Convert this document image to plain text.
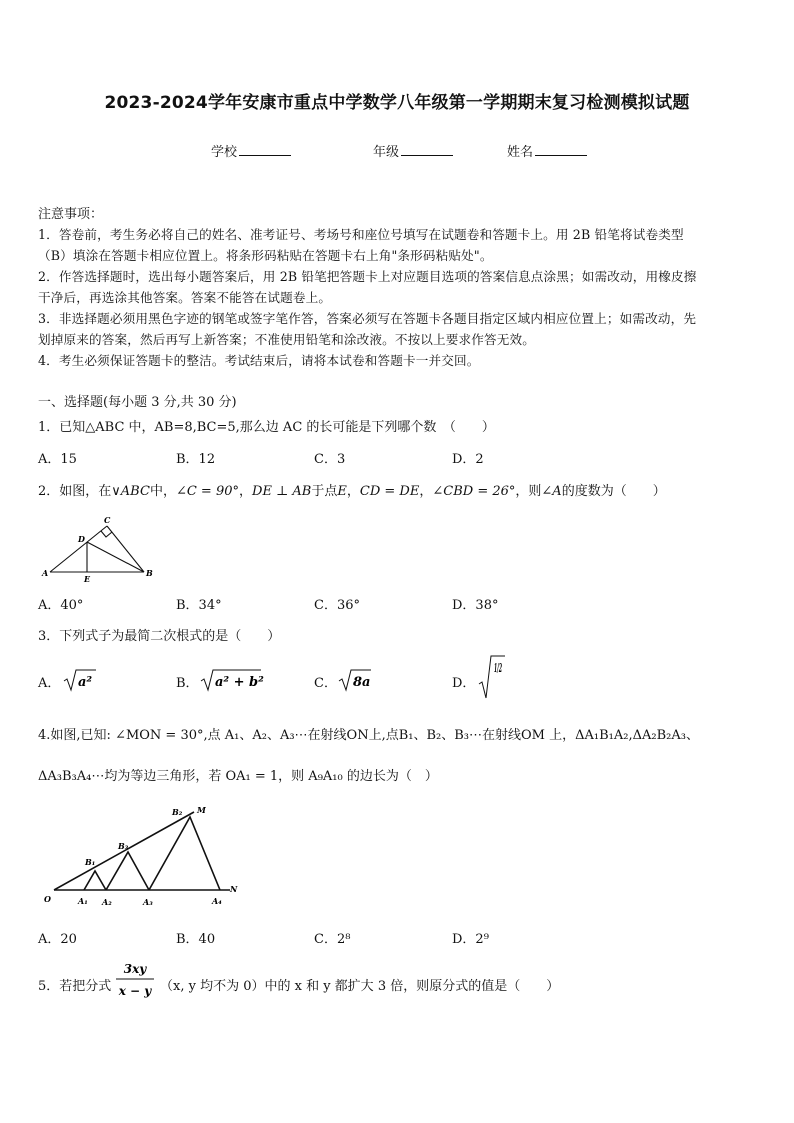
2023-2024学年安康市重点中学数学八年级第一学期期末复习检测模拟试题
学校	年级	姓名
注意事项：
1．答卷前，考生务必将自己的姓名、准考证号、考场号和座位号填写在试题卷和答题卡上。用 2B 铅笔将试卷类型
（B）填涂在答题卡相应位置上。将条形码粘贴在答题卡右上角"条形码粘贴处"。
2．作答选择题时，选出每小题答案后，用 2B 铅笔把答题卡上对应题目选项的答案信息点涂黑；如需改动，用橡皮擦
干净后，再选涂其他答案。答案不能答在试题卷上。
3．非选择题必须用黑色字迹的钢笔或签字笔作答，答案必须写在答题卡各题目指定区域内相应位置上；如需改动，先
划掉原来的答案，然后再写上新答案；不准使用铅笔和涂改液。不按以上要求作答无效。
4．考生必须保证答题卡的整洁。考试结束后，请将本试卷和答题卡一并交回。
一、选择题(每小题 3 分,共 30 分)
1．已知△ABC 中，AB=8,BC=5,那么边 AC 的长可能是下列哪个数　（　　）
A．15	B．12	C．3	D．2
2．如图，在∨ABC中，∠C = 90°，DE ⊥ AB于点E，CD = DE，∠CBD = 26°，则∠A的度数为（　　）
C
D
A
E
B
A．40°	B．34°	C．36°	D．38°
3．下列式子为最简二次根式的是（　　）
A． a²	B． a² + b²	C． 8a	D．
1/2
4.如图,已知: ∠MON = 30°,点 A₁、A₂、A₃⋯在射线ON上,点B₁、B₂、B₃⋯在射线OM 上，ΔA₁B₁A₂,ΔA₂B₂A₃、
ΔA₃B₃A₄⋯均为等边三角形，若 OA₁ = 1，则 A₉A₁₀ 的边长为（　）
O	A₁ A₂	A₃	A₄
N
B₁
B₂
B₃
M
A．20	B．40	C．2⁸	D．2⁹
5．若把分式
3xy
x − y （x, y 均不为 0）中的 x 和 y 都扩大 3 倍，则原分式的值是（　　）
